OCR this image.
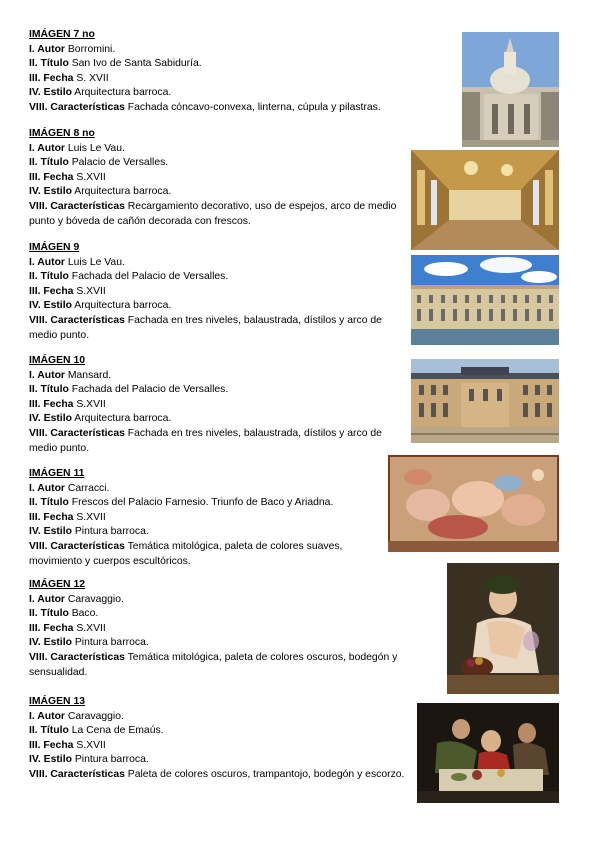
IMÁGEN 7 no

I. Autor Borromini.

II. Título San Ivo de Santa Sabiduría.

III. Fecha S. XVII

IV. Estilo Arquitectura barroca.

VIII. Características Fachada cóncavo-convexa, linterna, cúpula y pilastras.

IMÁGEN 8 no

I. Autor Luis Le Vau.

II. Título Palacio de Versalles.

III. Fecha S.XVII

IV. Estilo Arquitectura barroca.

VIII. Características Recargamiento decorativo, uso de espejos, arco de medio punto y bóveda de cañón decorada con frescos.

IMÁGEN 9

I. Autor Luis Le Vau.

II. Título Fachada del Palacio de Versalles.

III. Fecha S.XVII

IV. Estilo Arquitectura barroca.

VIII. Características Fachada en tres niveles, balaustrada, dístilos y arco de medio punto.

IMÁGEN 10

I. Autor Mansard.

II. Título Fachada del Palacio de Versalles.

III. Fecha S.XVII

IV. Estilo Arquitectura barroca.

VIII. Características Fachada en tres niveles, balaustrada, dístilos y arco de medio punto.

IMÁGEN 11

I. Autor Carracci.

II. Título Frescos del Palacio Farnesio. Triunfo de Baco y Ariadna.

III. Fecha S.XVII

IV. Estilo Pintura barroca.

VIII. Características Temática mitológica, paleta de colores suaves, movimiento y cuerpos escultóricos.

IMÁGEN 12

I. Autor Caravaggio.

II. Título Baco.

III. Fecha S.XVII

IV. Estilo Pintura barroca.

VIII. Características Temática mitológica, paleta de colores oscuros, bodegón y sensualidad.

IMÁGEN 13

I. Autor Caravaggio.

II. Título La Cena de Emaús.

III. Fecha S.XVII

IV. Estilo Pintura barroca.

VIII. Características Paleta de colores oscuros, trampantojo, bodegón y escorzo.
